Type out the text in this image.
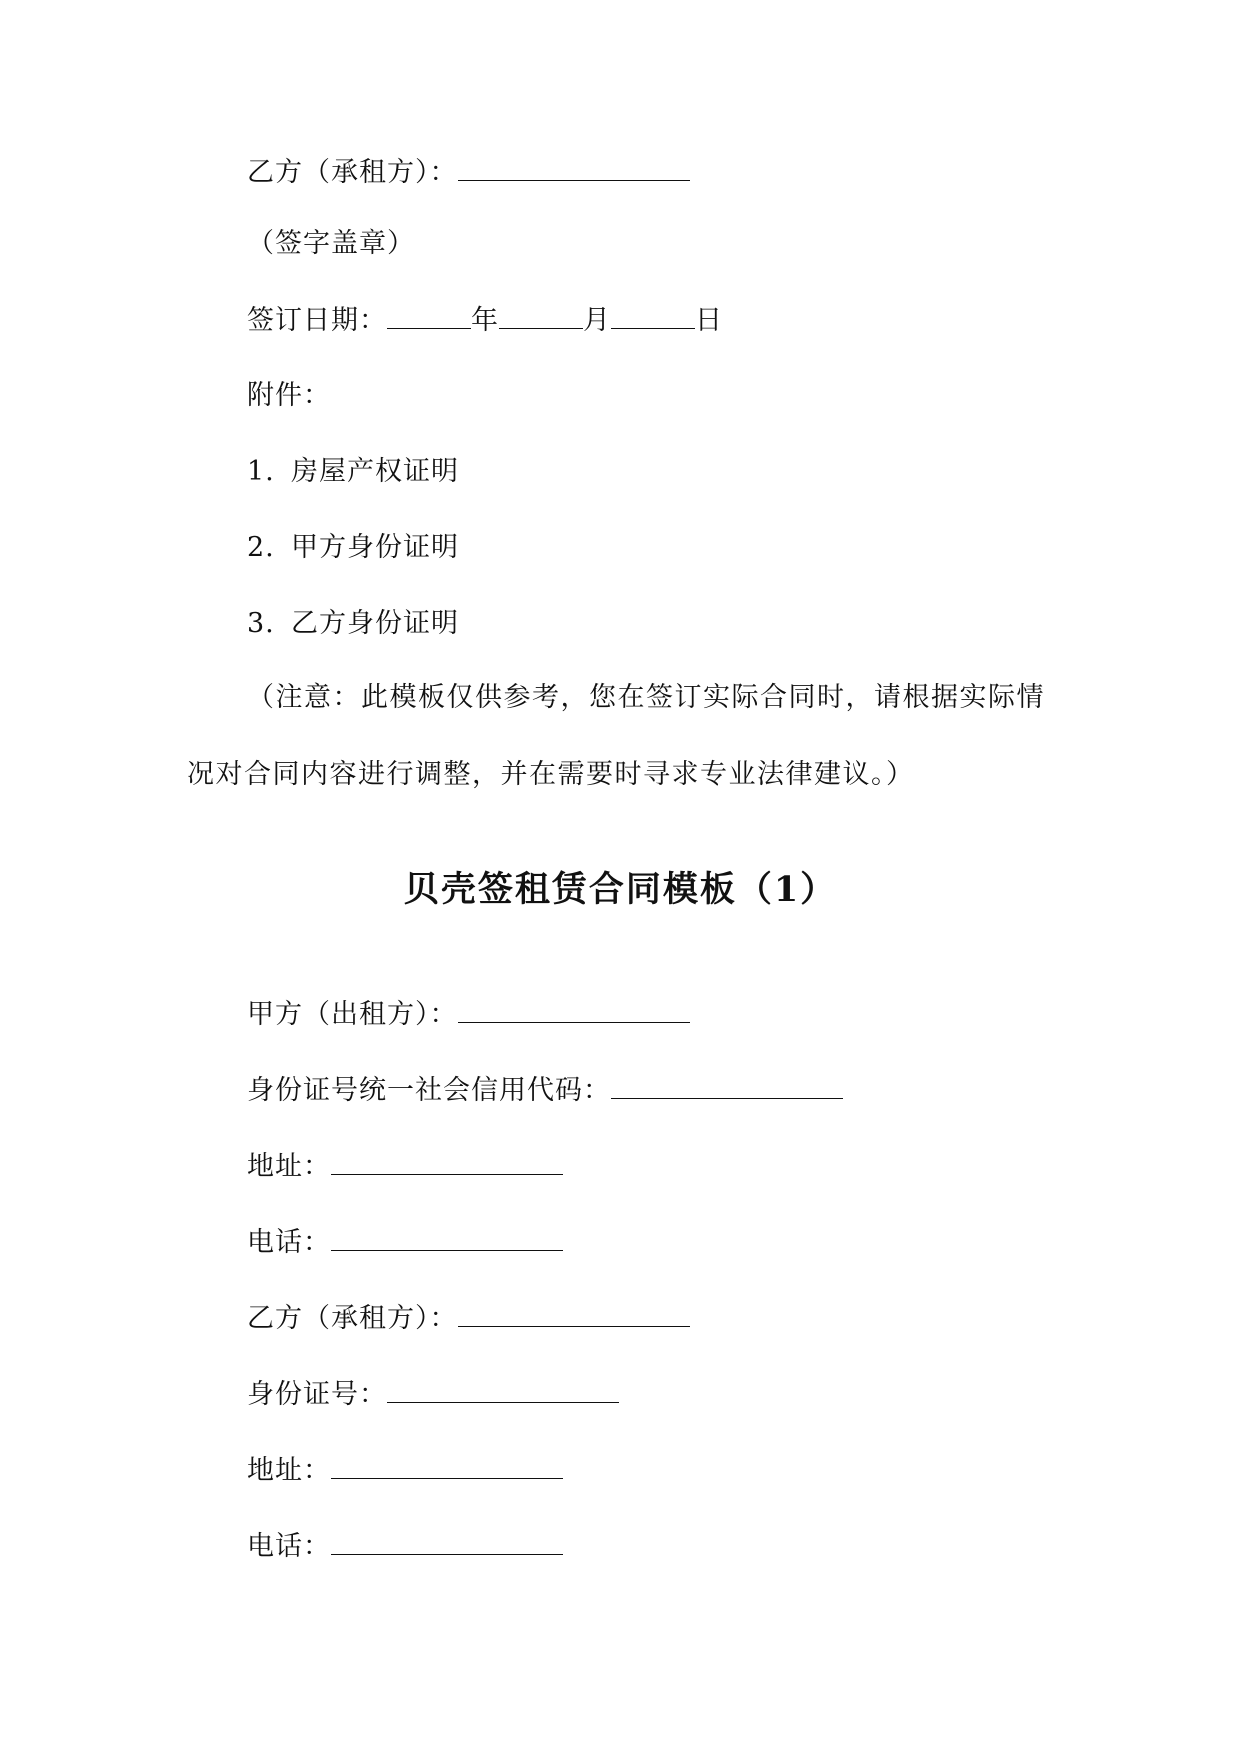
乙方（承租方）：
（签字盖章）
签订日期：	年	月	日
附件：
1. 房屋产权证明
2. 甲方身份证明
3. 乙方身份证明
（注意：此模板仅供参考，您在签订实际合同时，请根据实际情
况对合同内容进行调整，并在需要时寻求专业法律建议。）
贝壳签租赁合同模板（1）
甲方（出租方）：
身份证号统一社会信用代码：
地址：
电话：
乙方（承租方）：
身份证号：
地址：
电话：
